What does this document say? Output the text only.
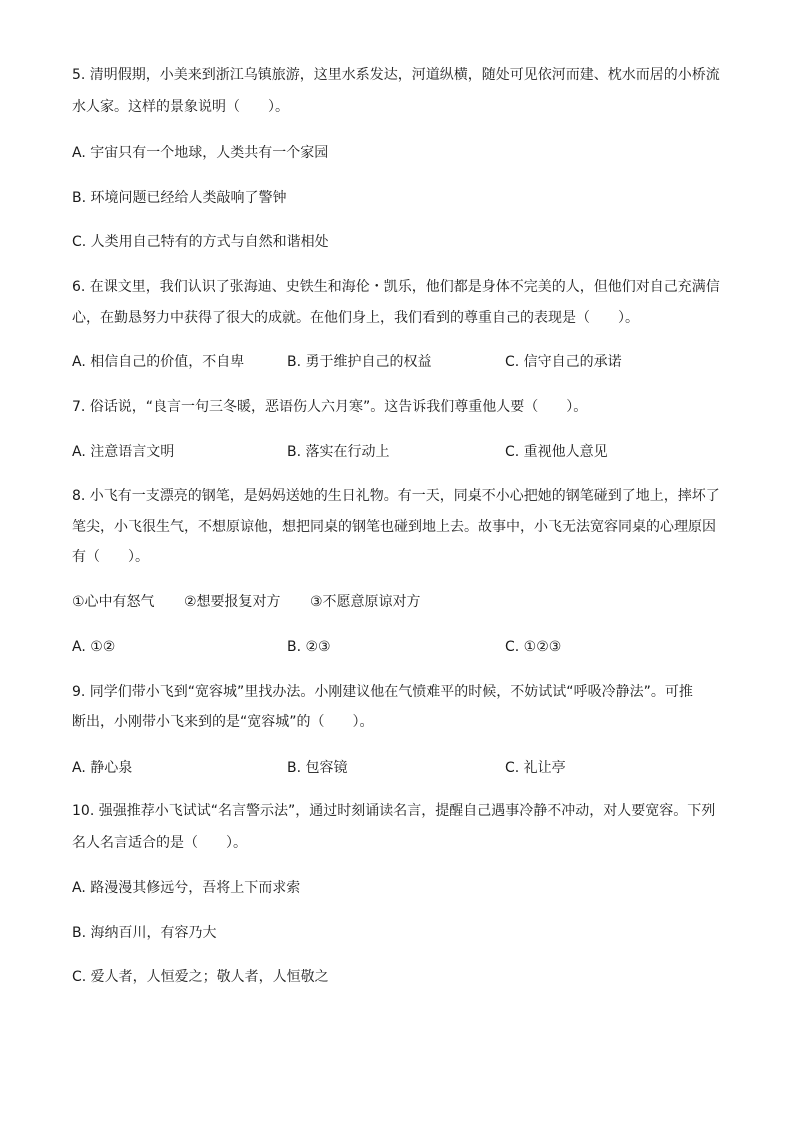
5. 清明假期，小美来到浙江乌镇旅游，这里水系发达，河道纵横，随处可见依河而建、枕水而居的小桥流
水人家。这样的景象说明（　　）。
A. 宇宙只有一个地球，人类共有一个家园
B. 环境问题已经给人类敲响了警钟
C. 人类用自己特有的方式与自然和谐相处
6. 在课文里，我们认识了张海迪、史铁生和海伦・凯乐，他们都是身体不完美的人，但他们对自己充满信
心，在勤恳努力中获得了很大的成就。在他们身上，我们看到的尊重自己的表现是（　　）。
A. 相信自己的价值，不自卑	B. 勇于维护自己的权益	C. 信守自己的承诺
7. 俗话说，“良言一句三冬暖，恶语伤人六月寒”。这告诉我们尊重他人要（　　）。
A. 注意语言文明	B. 落实在行动上	C. 重视他人意见
8. 小飞有一支漂亮的钢笔，是妈妈送她的生日礼物。有一天，同桌不小心把她的钢笔碰到了地上，摔坏了
笔尖，小飞很生气，不想原谅他，想把同桌的钢笔也碰到地上去。故事中，小飞无法宽容同桌的心理原因
有（　　）。
①心中有怒气 ②想要报复对方 ③不愿意原谅对方
A. ①②	B. ②③	C. ①②③
9. 同学们带小飞到“宽容城”里找办法。小刚建议他在气愤难平的时候，不妨试试“呼吸冷静法”。可推
断出，小刚带小飞来到的是“宽容城”的（　　）。
A. 静心泉	B. 包容镜	C. 礼让亭
10. 强强推荐小飞试试“名言警示法”，通过时刻诵读名言，提醒自己遇事冷静不冲动，对人要宽容。下列
名人名言适合的是（　　）。
A. 路漫漫其修远兮，吾将上下而求索
B. 海纳百川，有容乃大
C. 爱人者，人恒爱之；敬人者，人恒敬之
